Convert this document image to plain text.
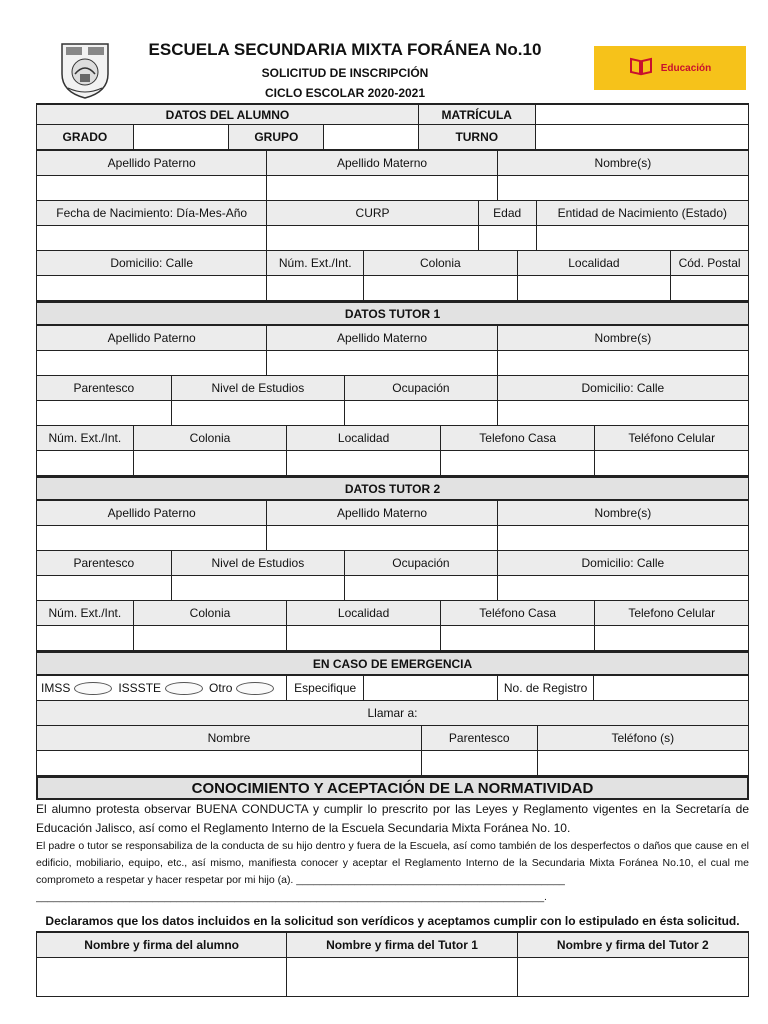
ESCUELA SECUNDARIA MIXTA FORÁNEA No.10
SOLICITUD DE INSCRIPCIÓN
CICLO ESCOLAR 2020-2021
Educación
DATOS DEL ALUMNO	MATRÍCULA
GRADO	GRUPO	TURNO
Apellido Paterno	Apellido Materno	Nombre(s)
Fecha de Nacimiento: Día-Mes-Año	CURP	Edad	Entidad de Nacimiento (Estado)
Domicilio: Calle	Núm. Ext./Int.	Colonia	Localidad	Cód. Postal
DATOS TUTOR 1
Apellido Paterno	Apellido Materno	Nombre(s)
Parentesco	Nivel de Estudios	Ocupación	Domicilio: Calle
Núm. Ext./Int.	Colonia	Localidad	Telefono Casa	Teléfono Celular
DATOS TUTOR 2
Apellido Paterno	Apellido Materno	Nombre(s)
Parentesco	Nivel de Estudios	Ocupación	Domicilio: Calle
Núm. Ext./Int.	Colonia	Localidad	Teléfono Casa	Telefono Celular
EN CASO DE EMERGENCIA
IMSS	ISSSTE	Otro	Especifique	No. de Registro
Llamar a:
Nombre	Parentesco	Teléfono (s)
CONOCIMIENTO Y ACEPTACIÓN DE LA NORMATIVIDAD
El alumno protesta observar BUENA CONDUCTA y cumplir lo prescrito por las Leyes y Reglamento vigentes en la Secretaría de Educación Jalisco, así como el Reglamento Interno de la Escuela Secundaria Mixta Foránea No. 10.
El padre o tutor se responsabiliza de la conducta de su hijo dentro y fuera de la Escuela, así como también de los desperfectos o daños que cause en el edificio, mobiliario, equipo, etc., así mismo, manifiesta conocer y aceptar el Reglamento Interno de la Secundaria Mixta Foránea No.10, el cual me comprometo a respetar y hacer respetar por mi hijo (a). ______________________________________________
_______________________________________________________________________________________.
Declaramos que los datos incluidos en la solicitud son verídicos y aceptamos cumplir con lo estipulado en ésta solicitud.
Nombre y firma del alumno	Nombre y firma del Tutor 1	Nombre y firma del Tutor 2
